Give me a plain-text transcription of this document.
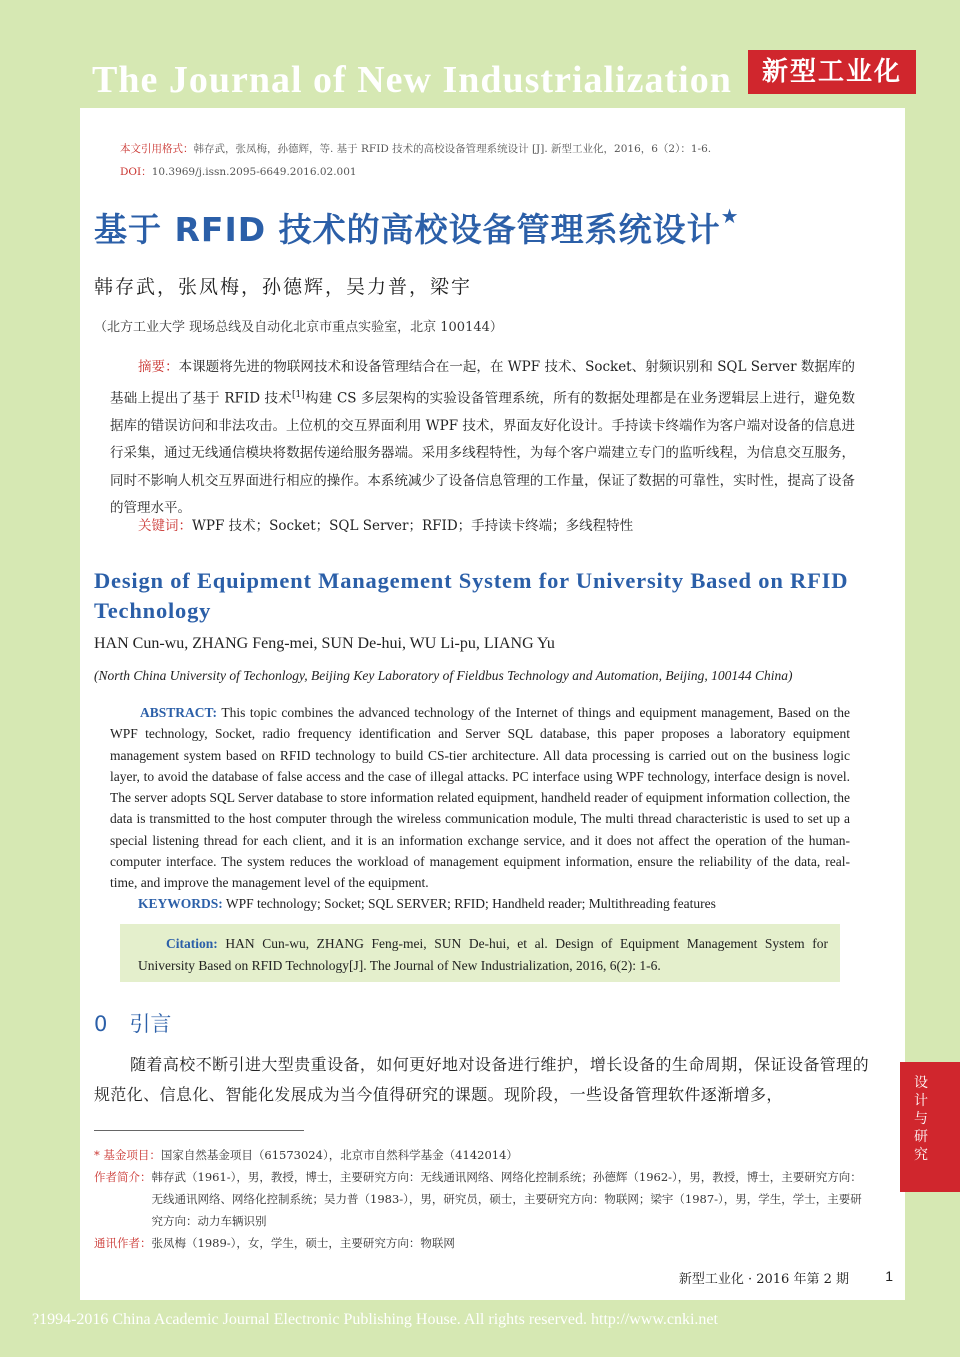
The Journal of New Industrialization	新型工业化
本文引用格式：韩存武，张凤梅，孙德辉，等. 基于 RFID 技术的高校设备管理系统设计 [J]. 新型工业化，2016，6（2）：1-6.
DOI：10.3969/j.issn.2095-6649.2016.02.001
基于 RFID 技术的高校设备管理系统设计★
韩存武，张凤梅，孙德辉，吴力普，梁宇
（北方工业大学 现场总线及自动化北京市重点实验室，北京 100144）
摘要：本课题将先进的物联网技术和设备管理结合在一起，在 WPF 技术、Socket、射频识别和 SQL Server 数据库的基础上提出了基于 RFID 技术[1]构建 CS 多层架构的实验设备管理系统，所有的数据处理都是在业务逻辑层上进行，避免数据库的错误访问和非法攻击。上位机的交互界面利用 WPF 技术，界面友好化设计。手持读卡终端作为客户端对设备的信息进行采集，通过无线通信模块将数据传递给服务器端。采用多线程特性，为每个客户端建立专门的监听线程，为信息交互服务，同时不影响人机交互界面进行相应的操作。本系统减少了设备信息管理的工作量，保证了数据的可靠性，实时性，提高了设备的管理水平。
关键词：WPF 技术；Socket；SQL Server；RFID；手持读卡终端；多线程特性
Design of Equipment Management System for University Based on RFID Technology
HAN Cun-wu, ZHANG Feng-mei, SUN De-hui, WU Li-pu, LIANG Yu
(North China University of Techonlogy, Beijing Key Laboratory of Fieldbus Technology and Automation, Beijing, 100144 China)
ABSTRACT: This topic combines the advanced technology of the Internet of things and equipment management, Based on the WPF technology, Socket, radio frequency identification and Server SQL database, this paper proposes a laboratory equipment management system based on RFID technology to build CS-tier architecture. All data processing is carried out on the business logic layer, to avoid the database of false access and the case of illegal attacks. PC interface using WPF technology, interface design is novel. The server adopts SQL Server database to store information related equipment, handheld reader of equipment information collection, the data is transmitted to the host computer through the wireless communication module, The multi thread characteristic is used to set up a special listening thread for each client, and it is an information exchange service, and it does not affect the operation of the human-computer interface. The system reduces the workload of management equipment information, ensure the reliability of the data, real-time, and improve the management level of the equipment.
KEYWORDS: WPF technology; Socket; SQL SERVER; RFID; Handheld reader; Multithreading features
Citation: HAN Cun-wu, ZHANG Feng-mei, SUN De-hui, et al. Design of Equipment Management System for University Based on RFID Technology[J]. The Journal of New Industrialization, 2016, 6(2): 1-6.
0 引言
随着高校不断引进大型贵重设备，如何更好地对设备进行维护，增长设备的生命周期，保证设备管理的规范化、信息化、智能化发展成为当今值得研究的课题。现阶段，一些设备管理软件逐渐增多，
* 基金项目： 国家自然基金项目（61573024），北京市自然科学基金（4142014）
作者简介： 韩存武（1961-），男，教授，博士，主要研究方向：无线通讯网络、网络化控制系统；孙德辉（1962-），男，教授，博士，主要研究方向：无线通讯网络、网络化控制系统；吴力普（1983-），男，研究员，硕士，主要研究方向：物联网；梁宇（1987-），男，学生，学士，主要研究方向：动力车辆识别
通讯作者： 张凤梅（1989-），女，学生，硕士，主要研究方向：物联网
新型工业化 · 2016 年第 2 期	1
设计与研究
?1994-2016 China Academic Journal Electronic Publishing House. All rights reserved. http://www.cnki.net
